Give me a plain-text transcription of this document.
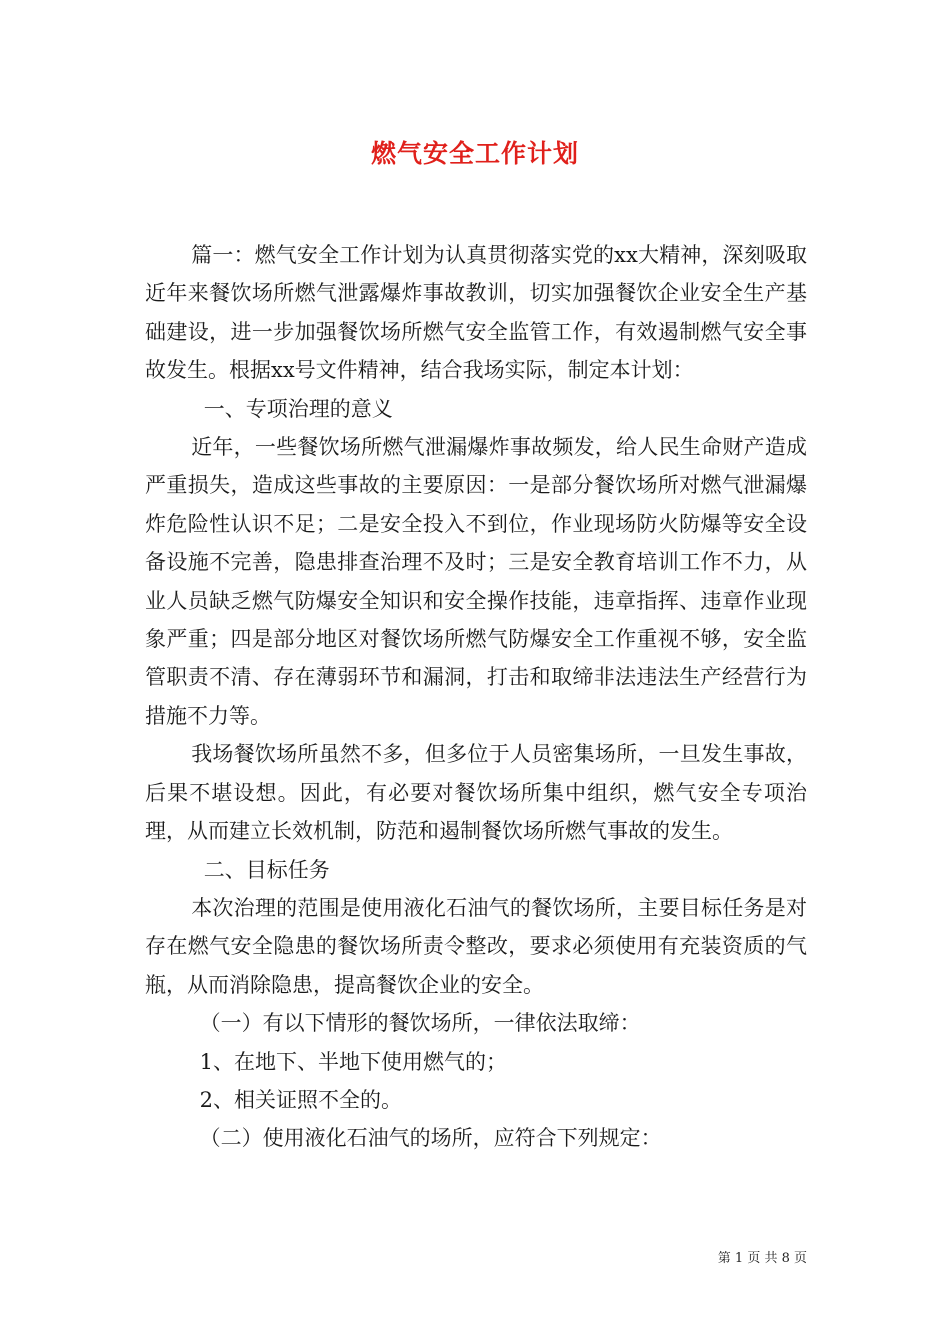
燃气安全工作计划

篇一：燃气安全工作计划为认真贯彻落实党的xx大精神，深刻吸取近年来餐饮场所燃气泄露爆炸事故教训，切实加强餐饮企业安全生产基础建设，进一步加强餐饮场所燃气安全监管工作，有效遏制燃气安全事故发生。根据xx号文件精神，结合我场实际，制定本计划：

一、专项治理的意义

近年，一些餐饮场所燃气泄漏爆炸事故频发，给人民生命财产造成严重损失，造成这些事故的主要原因：一是部分餐饮场所对燃气泄漏爆炸危险性认识不足；二是安全投入不到位，作业现场防火防爆等安全设备设施不完善，隐患排查治理不及时；三是安全教育培训工作不力，从业人员缺乏燃气防爆安全知识和安全操作技能，违章指挥、违章作业现象严重；四是部分地区对餐饮场所燃气防爆安全工作重视不够，安全监管职责不清、存在薄弱环节和漏洞，打击和取缔非法违法生产经营行为措施不力等。

我场餐饮场所虽然不多，但多位于人员密集场所，一旦发生事故，后果不堪设想。因此，有必要对餐饮场所集中组织，燃气安全专项治理，从而建立长效机制，防范和遏制餐饮场所燃气事故的发生。

二、目标任务

本次治理的范围是使用液化石油气的餐饮场所，主要目标任务是对存在燃气安全隐患的餐饮场所责令整改，要求必须使用有充装资质的气瓶，从而消除隐患，提高餐饮企业的安全。

（一）有以下情形的餐饮场所，一律依法取缔：

1、在地下、半地下使用燃气的；

2、相关证照不全的。

（二）使用液化石油气的场所，应符合下列规定：

第 1 页 共 8 页
